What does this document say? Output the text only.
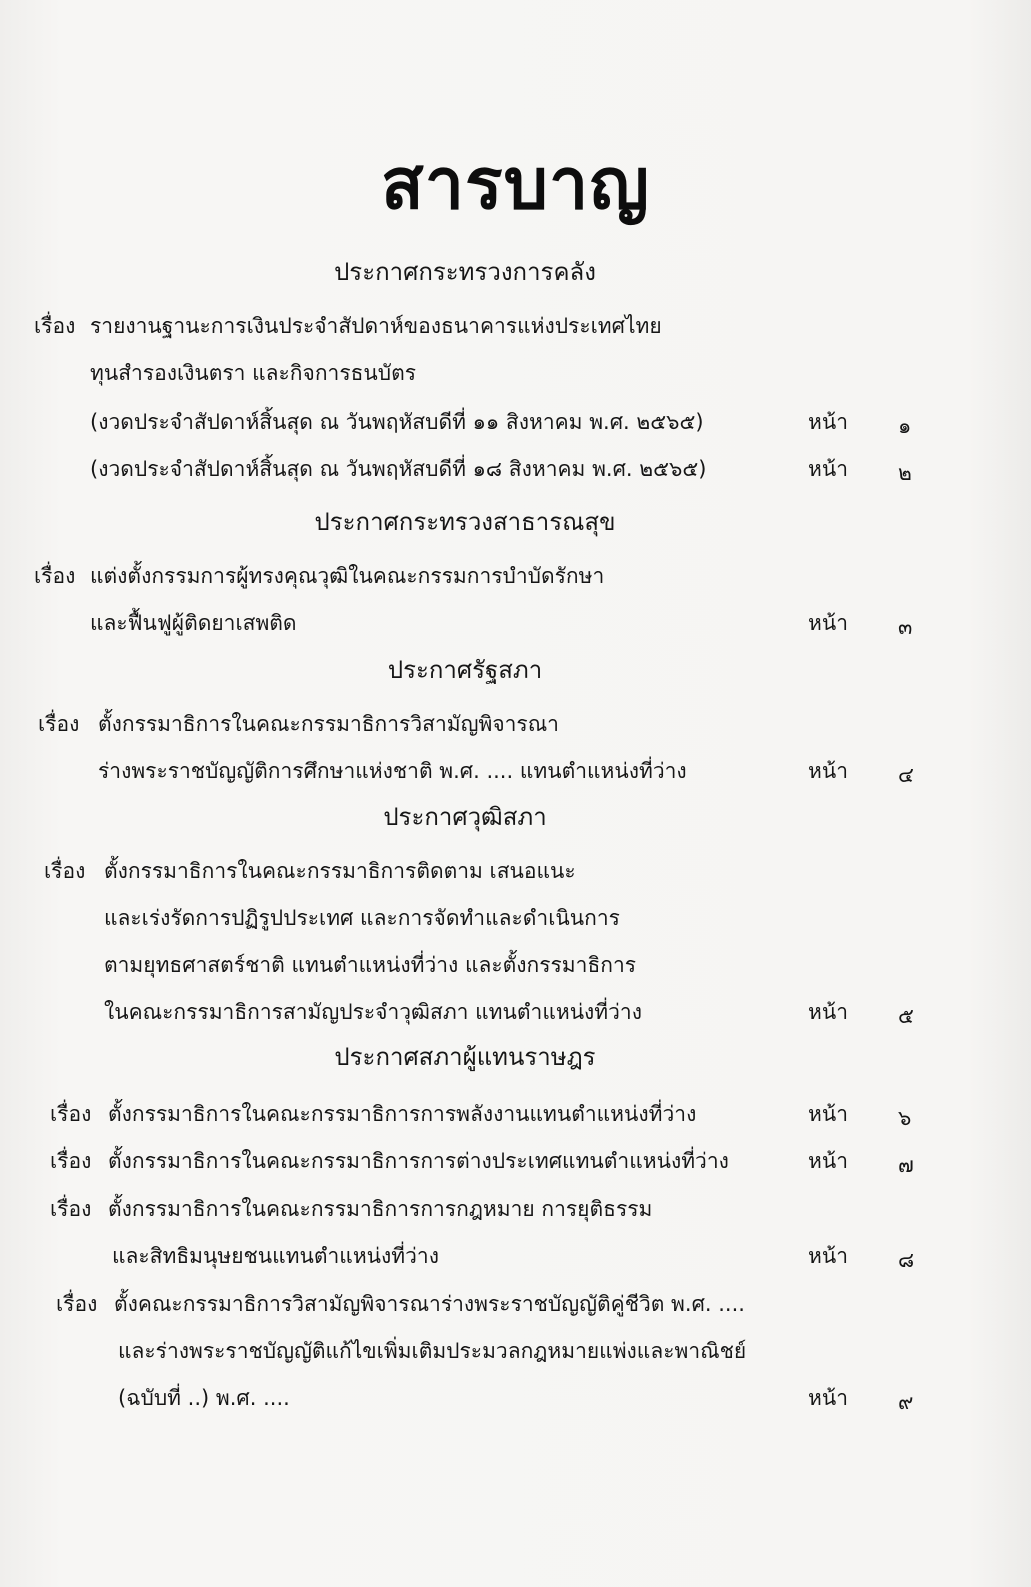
สารบาญ
ประกาศกระทรวงการคลัง
เรื่อง รายงานฐานะการเงินประจำสัปดาห์ของธนาคารแห่งประเทศไทย
ทุนสำรองเงินตรา และกิจการธนบัตร
(งวดประจำสัปดาห์สิ้นสุด ณ วันพฤหัสบดีที่ ๑๑ สิงหาคม พ.ศ. ๒๕๖๕)	หน้า ๑
(งวดประจำสัปดาห์สิ้นสุด ณ วันพฤหัสบดีที่ ๑๘ สิงหาคม พ.ศ. ๒๕๖๕)	หน้า ๒
ประกาศกระทรวงสาธารณสุข
เรื่อง แต่งตั้งกรรมการผู้ทรงคุณวุฒิในคณะกรรมการบำบัดรักษา
และฟื้นฟูผู้ติดยาเสพติด	หน้า ๓
ประกาศรัฐสภา
เรื่อง ตั้งกรรมาธิการในคณะกรรมาธิการวิสามัญพิจารณา
ร่างพระราชบัญญัติการศึกษาแห่งชาติ พ.ศ. .... แทนตำแหน่งที่ว่าง	หน้า ๔
ประกาศวุฒิสภา
เรื่อง ตั้งกรรมาธิการในคณะกรรมาธิการติดตาม เสนอแนะ
และเร่งรัดการปฏิรูปประเทศ และการจัดทำและดำเนินการ
ตามยุทธศาสตร์ชาติ แทนตำแหน่งที่ว่าง และตั้งกรรมาธิการ
ในคณะกรรมาธิการสามัญประจำวุฒิสภา แทนตำแหน่งที่ว่าง	หน้า ๕
ประกาศสภาผู้แทนราษฎร
เรื่อง ตั้งกรรมาธิการในคณะกรรมาธิการการพลังงานแทนตำแหน่งที่ว่าง	หน้า ๖
เรื่อง ตั้งกรรมาธิการในคณะกรรมาธิการการต่างประเทศแทนตำแหน่งที่ว่าง	หน้า ๗
เรื่อง ตั้งกรรมาธิการในคณะกรรมาธิการการกฎหมาย การยุติธรรม
และสิทธิมนุษยชนแทนตำแหน่งที่ว่าง	หน้า ๘
เรื่อง ตั้งคณะกรรมาธิการวิสามัญพิจารณาร่างพระราชบัญญัติคู่ชีวิต พ.ศ. ....
และร่างพระราชบัญญัติแก้ไขเพิ่มเติมประมวลกฎหมายแพ่งและพาณิชย์
(ฉบับที่ ..) พ.ศ. ....	หน้า ๙
